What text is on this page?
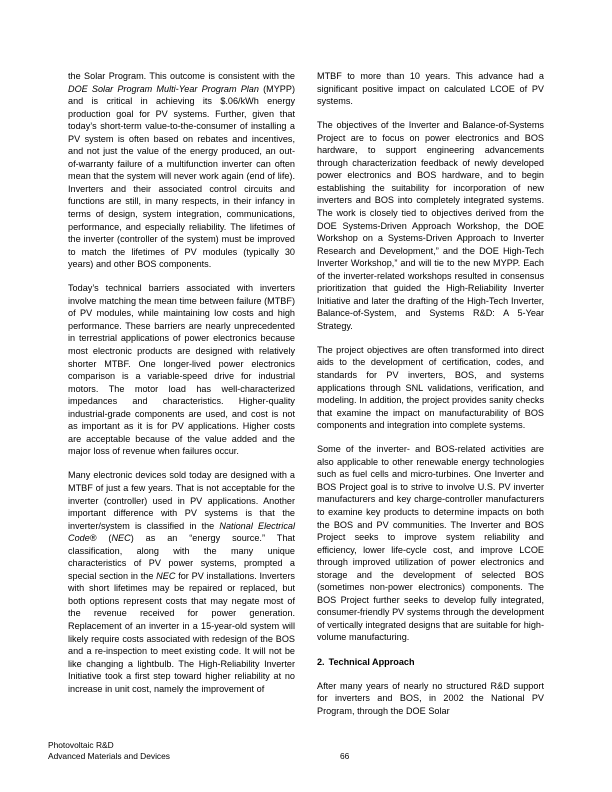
the Solar Program. This outcome is consistent with the DOE Solar Program Multi-Year Program Plan (MYPP) and is critical in achieving its $.06/kWh energy production goal for PV systems. Further, given that today’s short-term value-to-the-consumer of installing a PV system is often based on rebates and incentives, and not just the value of the energy produced, an out-of-warranty failure of a multifunction inverter can often mean that the system will never work again (end of life). Inverters and their associated control circuits and functions are still, in many respects, in their infancy in terms of design, system integration, communications, performance, and especially reliability. The lifetimes of the inverter (controller of the system) must be improved to match the lifetimes of PV modules (typically 30 years) and other BOS components.

Today’s technical barriers associated with inverters involve matching the mean time between failure (MTBF) of PV modules, while maintaining low costs and high performance. These barriers are nearly unprecedented in terrestrial applications of power electronics because most electronic products are designed with relatively shorter MTBF. One longer-lived power electronics comparison is a variable-speed drive for industrial motors. The motor load has well-characterized impedances and characteristics. Higher-quality industrial-grade components are used, and cost is not as important as it is for PV applications. Higher costs are acceptable because of the value added and the major loss of revenue when failures occur.

Many electronic devices sold today are designed with a MTBF of just a few years. That is not acceptable for the inverter (controller) used in PV applications. Another important difference with PV systems is that the inverter/system is classified in the National Electrical Code® (NEC) as an “energy source.” That classification, along with the many unique characteristics of PV power systems, prompted a special section in the NEC for PV installations. Inverters with short lifetimes may be repaired or replaced, but both options represent costs that may negate most of the revenue received for power generation. Replacement of an inverter in a 15-year-old system will likely require costs associated with redesign of the BOS and a re-inspection to meet existing code. It will not be like changing a lightbulb. The High-Reliability Inverter Initiative took a first step toward higher reliability at no increase in unit cost, namely the improvement of

MTBF to more than 10 years. This advance had a significant positive impact on calculated LCOE of PV systems.

The objectives of the Inverter and Balance-of-Systems Project are to focus on power electronics and BOS hardware, to support engineering advancements through characterization feedback of newly developed power electronics and BOS hardware, and to begin establishing the suitability for incorporation of new inverters and BOS into completely integrated systems. The work is closely tied to objectives derived from the DOE Systems-Driven Approach Workshop, the DOE Workshop on a Systems-Driven Approach to Inverter Research and Development,” and the DOE High-Tech Inverter Workshop,” and will tie to the new MYPP. Each of the inverter-related workshops resulted in consensus prioritization that guided the High-Reliability Inverter Initiative and later the drafting of the High-Tech Inverter, Balance-of-System, and Systems R&D: A 5-Year Strategy.

The project objectives are often transformed into direct aids to the development of certification, codes, and standards for PV inverters, BOS, and systems applications through SNL validations, verification, and modeling. In addition, the project provides sanity checks that examine the impact on manufacturability of BOS components and integration into complete systems.

Some of the inverter- and BOS-related activities are also applicable to other renewable energy technologies such as fuel cells and micro-turbines. One Inverter and BOS Project goal is to strive to involve U.S. PV inverter manufacturers and key charge-controller manufacturers to examine key products to determine impacts on both the BOS and PV communities. The Inverter and BOS Project seeks to improve system reliability and efficiency, lower life-cycle cost, and improve LCOE through improved utilization of power electronics and storage and the development of selected BOS (sometimes non-power electronics) components. The BOS Project further seeks to develop fully integrated, consumer-friendly PV systems through the development of vertically integrated designs that are suitable for high-volume manufacturing.

2. Technical Approach

After many years of nearly no structured R&D support for inverters and BOS, in 2002 the National PV Program, through the DOE Solar

Photovoltaic R&D
Advanced Materials and Devices	66
